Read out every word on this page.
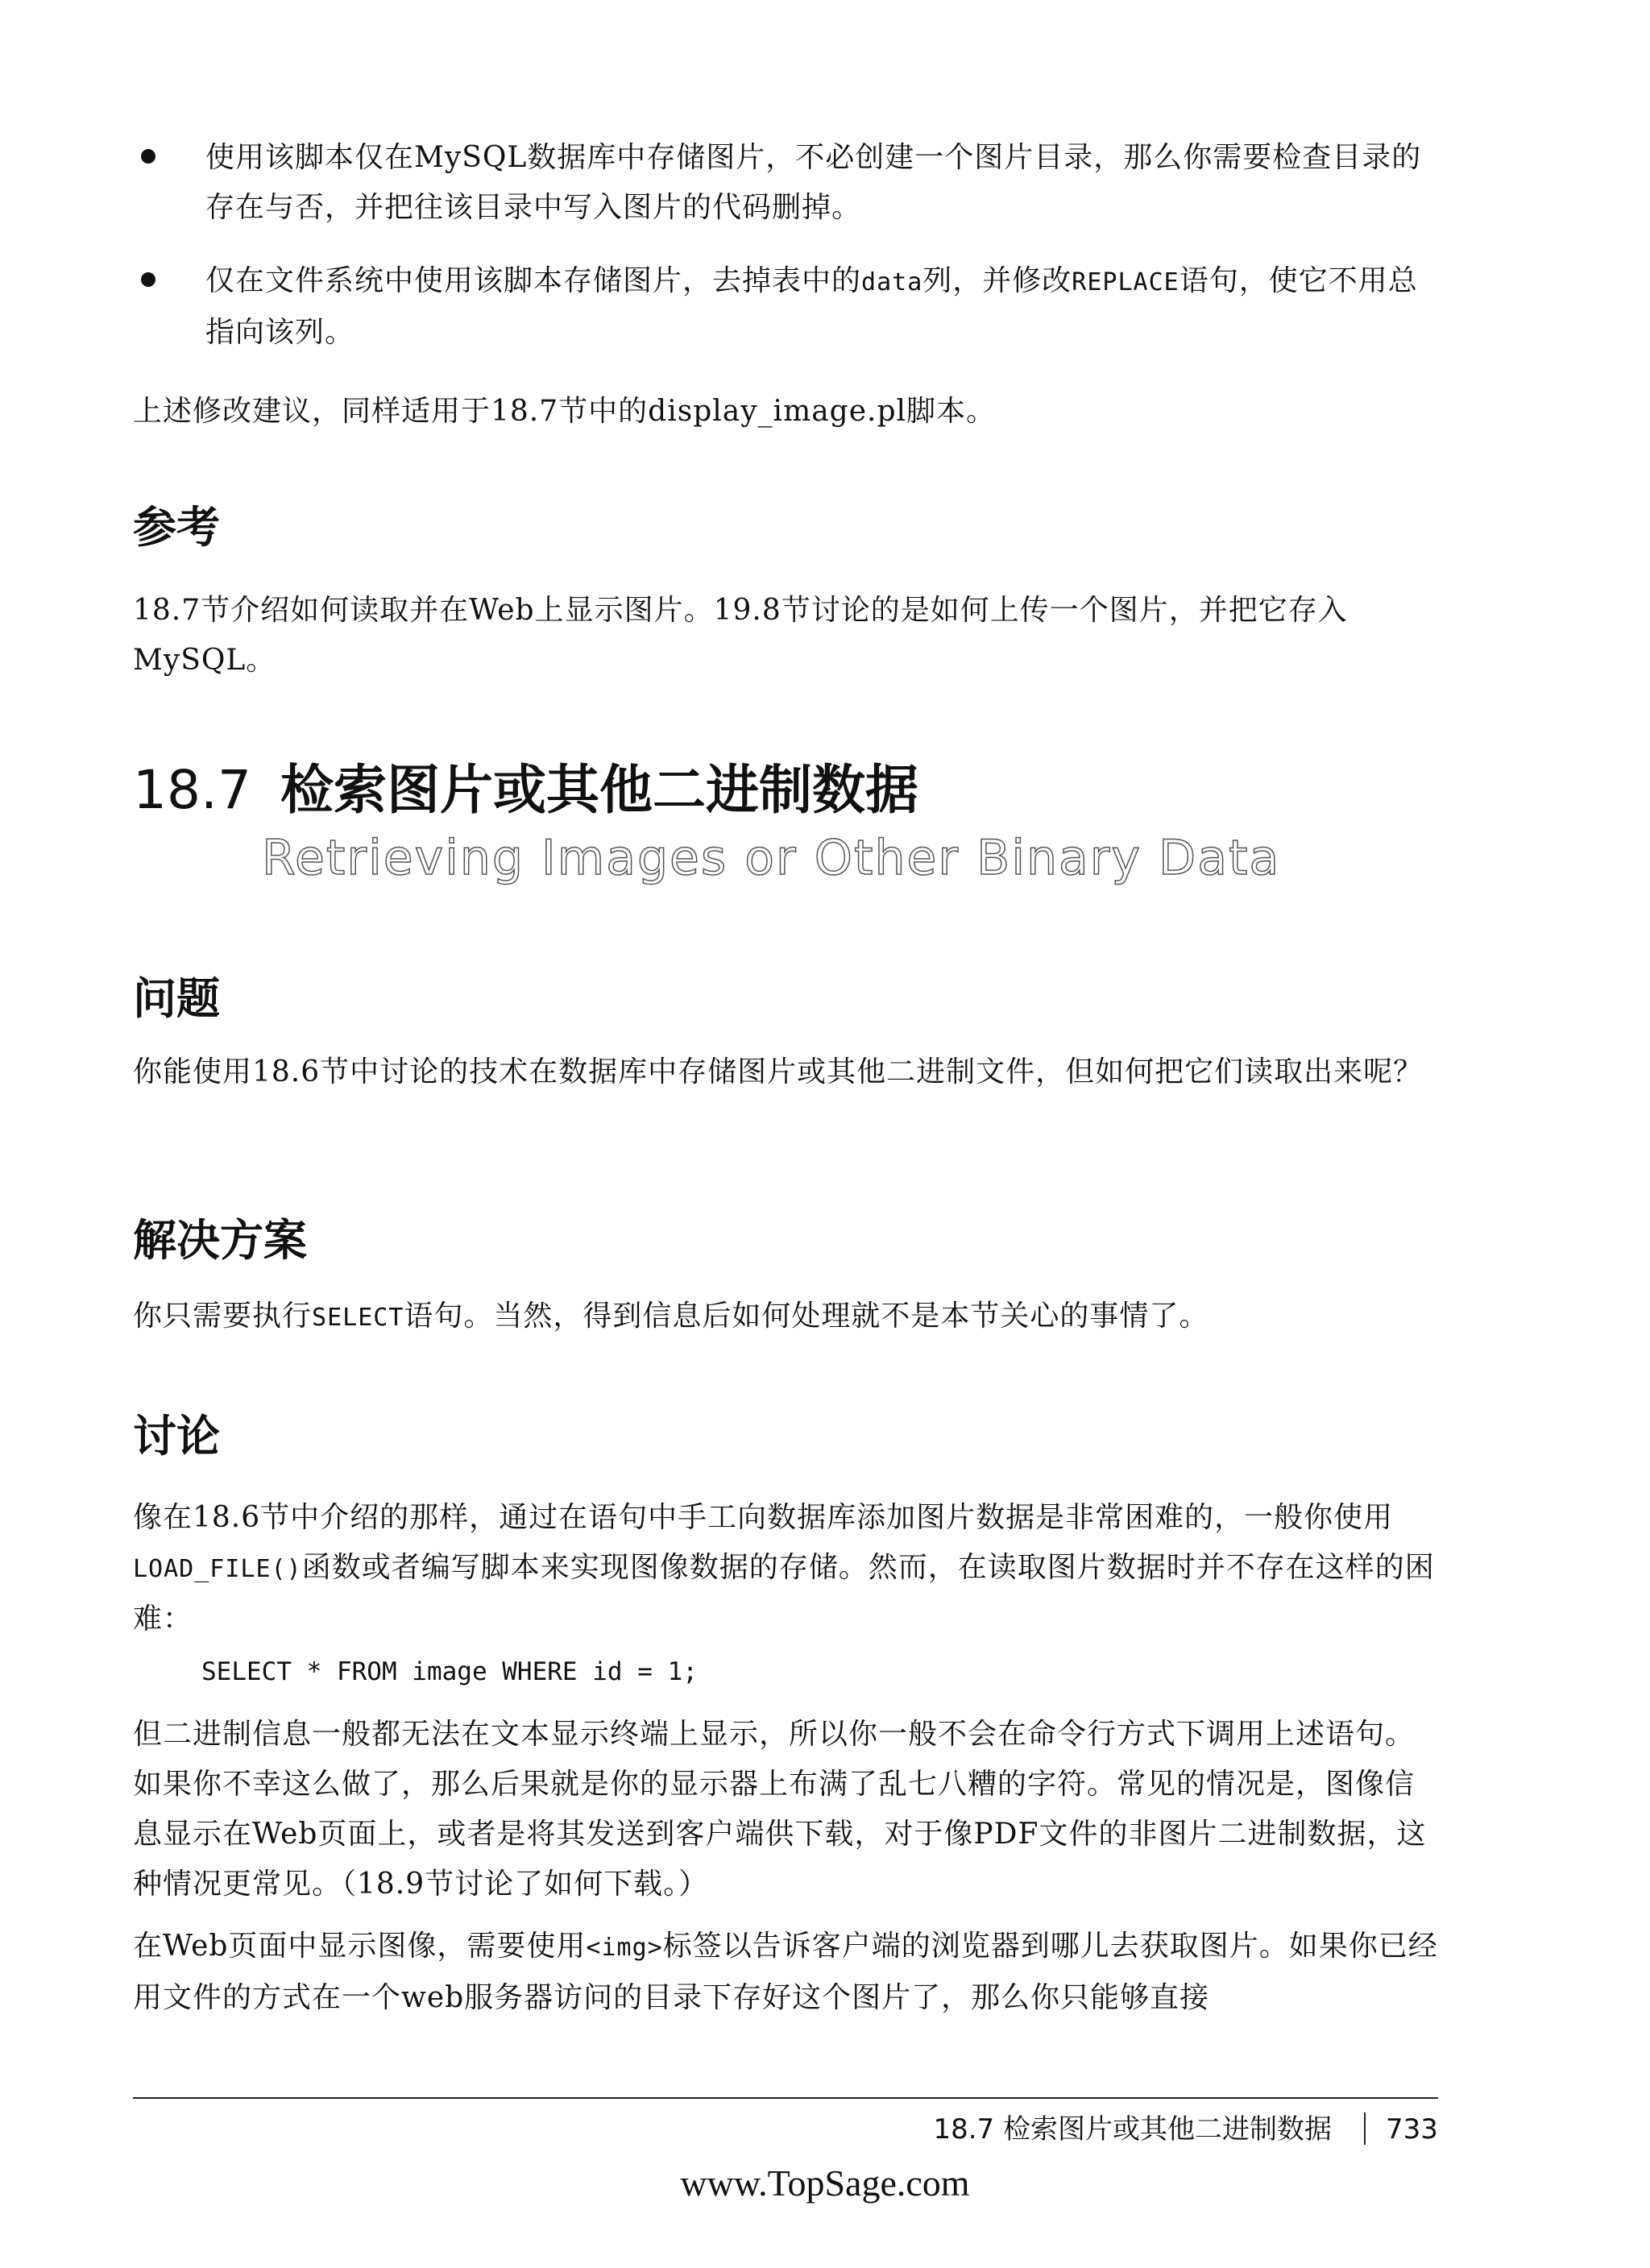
使用该脚本仅在MySQL数据库中存储图片，不必创建一个图片目录，那么你需要检查目录的存在与否，并把往该目录中写入图片的代码删掉。

仅在文件系统中使用该脚本存储图片，去掉表中的data列，并修改REPLACE语句，使它不用总指向该列。

上述修改建议，同样适用于18.7节中的display_image.pl脚本。

参考

18.7节介绍如何读取并在Web上显示图片。19.8节讨论的是如何上传一个图片，并把它存入MySQL。

18.7 检索图片或其他二进制数据
Retrieving Images or Other Binary Data
问题

你能使用18.6节中讨论的技术在数据库中存储图片或其他二进制文件，但如何把它们读取出来呢？

解决方案

你只需要执行SELECT语句。当然，得到信息后如何处理就不是本节关心的事情了。

讨论

像在18.6节中介绍的那样，通过在语句中手工向数据库添加图片数据是非常困难的，一般你使用LOAD_FILE()函数或者编写脚本来实现图像数据的存储。然而，在读取图片数据时并不存在这样的困难：

SELECT * FROM image WHERE id = 1;

但二进制信息一般都无法在文本显示终端上显示，所以你一般不会在命令行方式下调用上述语句。如果你不幸这么做了，那么后果就是你的显示器上布满了乱七八糟的字符。常见的情况是，图像信息显示在Web页面上，或者是将其发送到客户端供下载，对于像PDF文件的非图片二进制数据，这种情况更常见。（18.9节讨论了如何下载。）

在Web页面中显示图像，需要使用<img>标签以告诉客户端的浏览器到哪儿去获取图片。如果你已经用文件的方式在一个web服务器访问的目录下存好这个图片了，那么你只能够直接

18.7 检索图片或其他二进制数据 733
www.TopSage.com
